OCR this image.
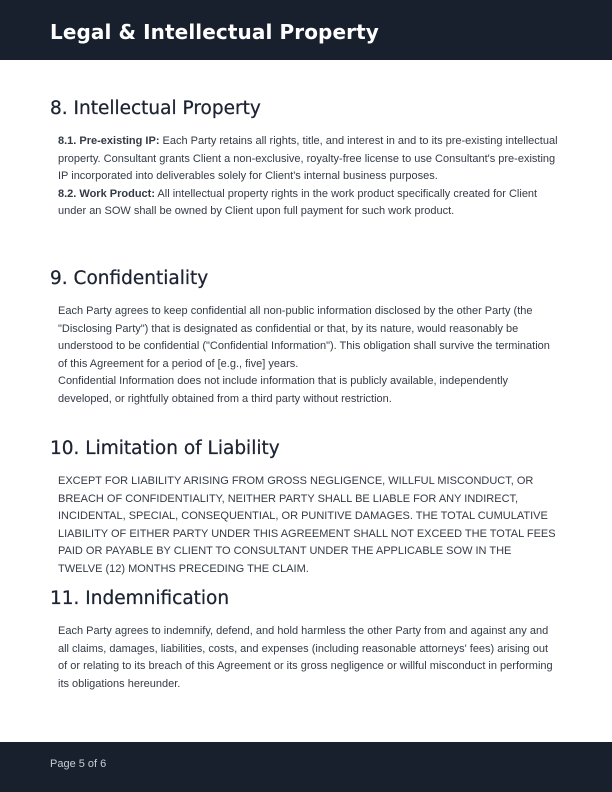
Legal & Intellectual Property
8. Intellectual Property

8.1. Pre-existing IP: Each Party retains all rights, title, and interest in and to its pre-existing intellectual property. Consultant grants Client a non-exclusive, royalty-free license to use Consultant's pre-existing IP incorporated into deliverables solely for Client's internal business purposes.

8.2. Work Product: All intellectual property rights in the work product specifically created for Client under an SOW shall be owned by Client upon full payment for such work product.

9. Confidentiality

Each Party agrees to keep confidential all non-public information disclosed by the other Party (the "Disclosing Party") that is designated as confidential or that, by its nature, would reasonably be understood to be confidential ("Confidential Information"). This obligation shall survive the termination of this Agreement for a period of [e.g., five] years.

Confidential Information does not include information that is publicly available, independently developed, or rightfully obtained from a third party without restriction.

10. Limitation of Liability

EXCEPT FOR LIABILITY ARISING FROM GROSS NEGLIGENCE, WILLFUL MISCONDUCT, OR BREACH OF CONFIDENTIALITY, NEITHER PARTY SHALL BE LIABLE FOR ANY INDIRECT, INCIDENTAL, SPECIAL, CONSEQUENTIAL, OR PUNITIVE DAMAGES. THE TOTAL CUMULATIVE LIABILITY OF EITHER PARTY UNDER THIS AGREEMENT SHALL NOT EXCEED THE TOTAL FEES PAID OR PAYABLE BY CLIENT TO CONSULTANT UNDER THE APPLICABLE SOW IN THE TWELVE (12) MONTHS PRECEDING THE CLAIM.

11. Indemnification

Each Party agrees to indemnify, defend, and hold harmless the other Party from and against any and all claims, damages, liabilities, costs, and expenses (including reasonable attorneys' fees) arising out of or relating to its breach of this Agreement or its gross negligence or willful misconduct in performing its obligations hereunder.

Page 5 of 6
